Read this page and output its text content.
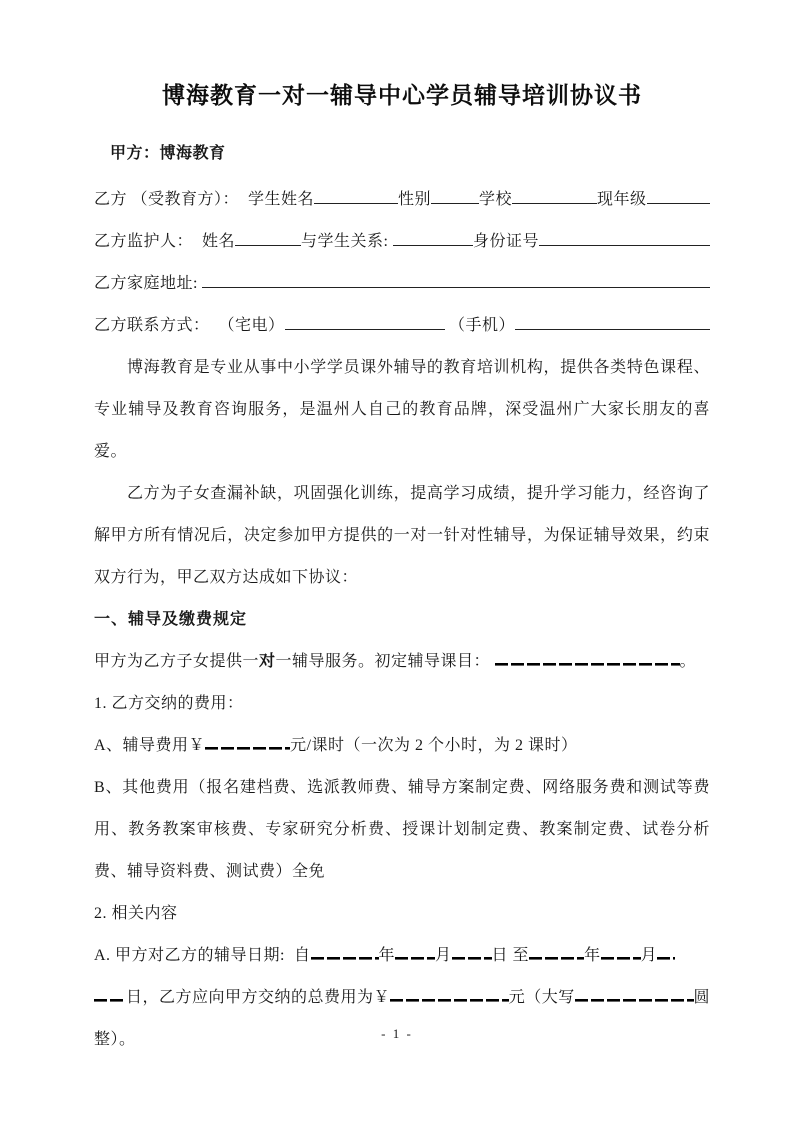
博海教育一对一辅导中心学员辅导培训协议书

甲方：博海教育

乙方 （受教育方）：  学生姓名	性别	学校	现年级
乙方监护人：  姓名	与学生关系:	身份证号
乙方家庭地址:
乙方联系方式：  （宅电）	（手机）

博海教育是专业从事中小学学员课外辅导的教育培训机构，提供各类特色课程、专业辅导及教育咨询服务，是温州人自己的教育品牌，深受温州广大家长朋友的喜爱。

乙方为子女查漏补缺，巩固强化训练，提高学习成绩，提升学习能力，经咨询了解甲方所有情况后，决定参加甲方提供的一对一针对性辅导，为保证辅导效果，约束双方行为，甲乙双方达成如下协议：

一、辅导及缴费规定

甲方为乙方子女提供一 对 一辅导服务。初定辅导课目：	。

1. 乙方交纳的费用：

A、辅导费用￥	元/课时（一次为 2 个小时，为 2 课时）

B、其他费用（报名建档费、选派教师费、辅导方案制定费、网络服务费和测试等费用、教务教案审核费、专家研究分析费、授课计划制定费、教案制定费、试卷分析费、辅导资料费、测试费）全免

2. 相关内容

A. 甲方对乙方的辅导日期:  自	年	月	日 至	年	月
日，乙方应向甲方交纳的总费用为￥	元（大写	圆

整）。	- 1 -
